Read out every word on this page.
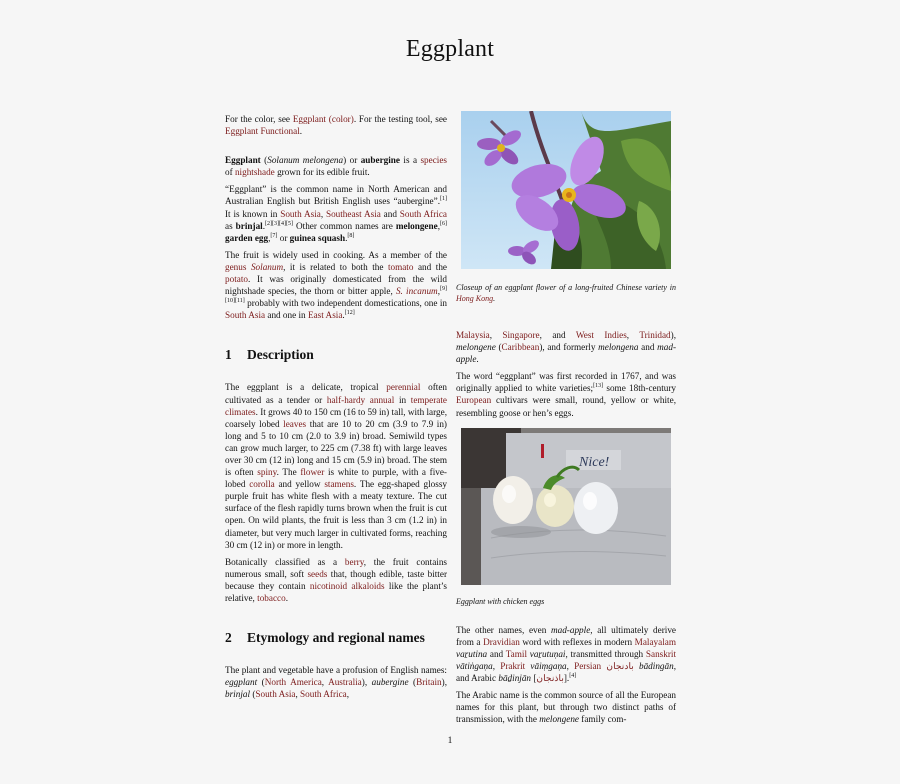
Eggplant

For the color, see Eggplant (color). For the testing tool, see Eggplant Functional.

Eggplant (Solanum melongena) or aubergine is a species of nightshade grown for its edible fruit.

“Eggplant” is the common name in North American and Australian English but British English uses “aubergine”.[1] It is known in South Asia, Southeast Asia and South Africa as brinjal.[2][3][4][5] Other common names are melongene,[6] garden egg,[7] or guinea squash.[8]

The fruit is widely used in cooking. As a member of the genus Solanum, it is related to both the tomato and the potato. It was originally domesticated from the wild nightshade species, the thorn or bitter apple, S. incanum,[9][10][11] probably with two independent domestications, one in South Asia and one in East Asia.[12]

1 Description

The eggplant is a delicate, tropical perennial often cultivated as a tender or half-hardy annual in temperate climates. It grows 40 to 150 cm (16 to 59 in) tall, with large, coarsely lobed leaves that are 10 to 20 cm (3.9 to 7.9 in) long and 5 to 10 cm (2.0 to 3.9 in) broad. Semiwild types can grow much larger, to 225 cm (7.38 ft) with large leaves over 30 cm (12 in) long and 15 cm (5.9 in) broad. The stem is often spiny. The flower is white to purple, with a five-lobed corolla and yellow stamens. The egg-shaped glossy purple fruit has white flesh with a meaty texture. The cut surface of the flesh rapidly turns brown when the fruit is cut open. On wild plants, the fruit is less than 3 cm (1.2 in) in diameter, but very much larger in cultivated forms, reaching 30 cm (12 in) or more in length.

Botanically classified as a berry, the fruit contains numerous small, soft seeds that, though edible, taste bitter because they contain nicotinoid alkaloids like the plant’s relative, tobacco.

2 Etymology and regional names

The plant and vegetable have a profusion of English names: eggplant (North America, Australia), aubergine (Britain), brinjal (South Asia, South Africa,

Closeup of an eggplant flower of a long-fruited Chinese variety in Hong Kong.

Malaysia, Singapore, and West Indies, Trinidad), melongene (Caribbean), and formerly melongena and mad-apple.

The word “eggplant” was first recorded in 1767, and was originally applied to white varieties;[13] some 18th-century European cultivars were small, round, yellow or white, resembling goose or hen’s eggs.

Nice!

Eggplant with chicken eggs

The other names, even mad-apple, all ultimately derive from a Dravidian word with reflexes in modern Malayalam vaṟutina and Tamil vaṟutuṇai, transmitted through Sanskrit vātiṅgaṇa, Prakrit vāiṃgaṇa, Persian بادنجان bādingān, and Arabic bāḏinjān [باذنجان].[4]

The Arabic name is the common source of all the European names for this plant, but through two distinct paths of transmission, with the melongene family com-

1
